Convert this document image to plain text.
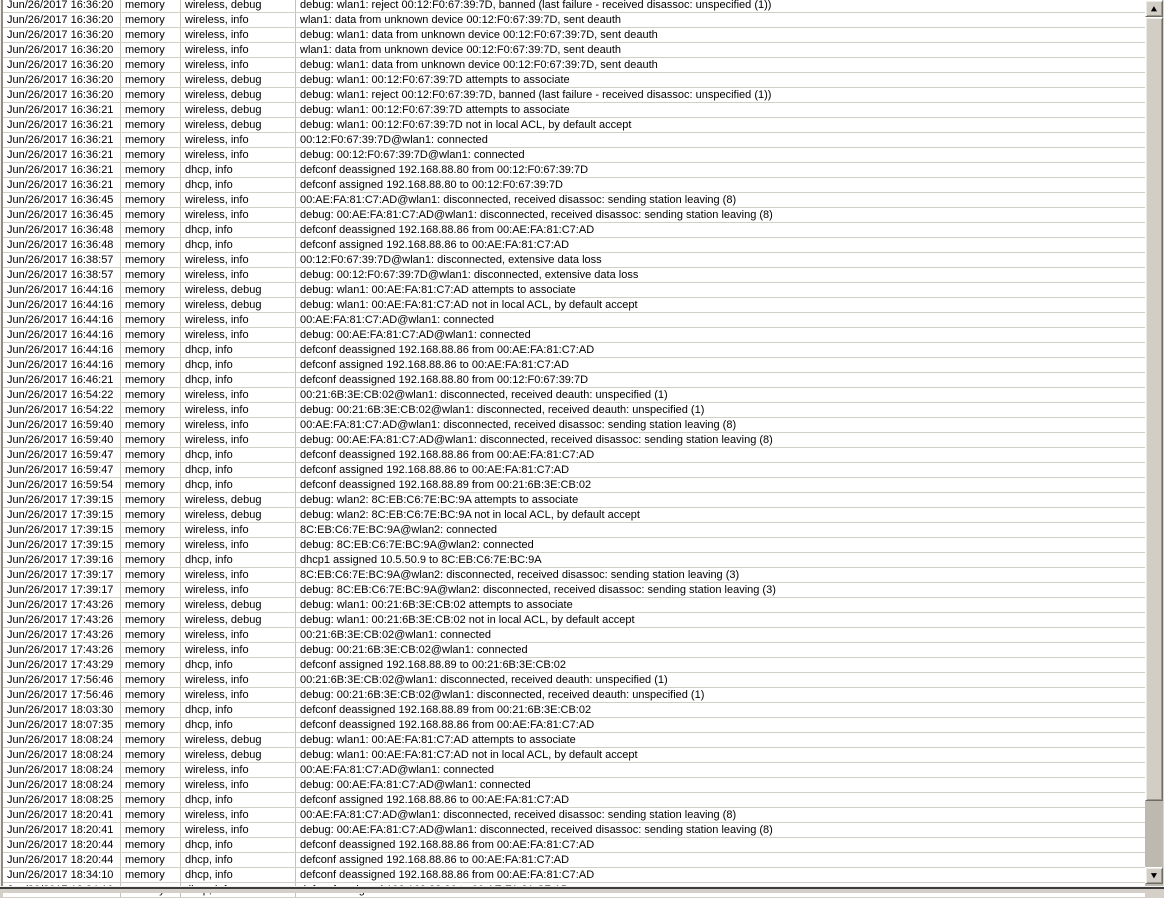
Jun/26/2017 16:36:20	memory	wireless, debug	debug: wlan1: reject 00:12:F0:67:39:7D, banned (last failure - received disassoc: unspecified (1))
Jun/26/2017 16:36:20	memory	wireless, info	wlan1: data from unknown device 00:12:F0:67:39:7D, sent deauth
Jun/26/2017 16:36:20	memory	wireless, info	debug: wlan1: data from unknown device 00:12:F0:67:39:7D, sent deauth
Jun/26/2017 16:36:20	memory	wireless, info	wlan1: data from unknown device 00:12:F0:67:39:7D, sent deauth
Jun/26/2017 16:36:20	memory	wireless, info	debug: wlan1: data from unknown device 00:12:F0:67:39:7D, sent deauth
Jun/26/2017 16:36:20	memory	wireless, debug	debug: wlan1: 00:12:F0:67:39:7D attempts to associate
Jun/26/2017 16:36:20	memory	wireless, debug	debug: wlan1: reject 00:12:F0:67:39:7D, banned (last failure - received disassoc: unspecified (1))
Jun/26/2017 16:36:21	memory	wireless, debug	debug: wlan1: 00:12:F0:67:39:7D attempts to associate
Jun/26/2017 16:36:21	memory	wireless, debug	debug: wlan1: 00:12:F0:67:39:7D not in local ACL, by default accept
Jun/26/2017 16:36:21	memory	wireless, info	00:12:F0:67:39:7D@wlan1: connected
Jun/26/2017 16:36:21	memory	wireless, info	debug: 00:12:F0:67:39:7D@wlan1: connected
Jun/26/2017 16:36:21	memory	dhcp, info	defconf deassigned 192.168.88.80 from 00:12:F0:67:39:7D
Jun/26/2017 16:36:21	memory	dhcp, info	defconf assigned 192.168.88.80 to 00:12:F0:67:39:7D
Jun/26/2017 16:36:45	memory	wireless, info	00:AE:FA:81:C7:AD@wlan1: disconnected, received disassoc: sending station leaving (8)
Jun/26/2017 16:36:45	memory	wireless, info	debug: 00:AE:FA:81:C7:AD@wlan1: disconnected, received disassoc: sending station leaving (8)
Jun/26/2017 16:36:48	memory	dhcp, info	defconf deassigned 192.168.88.86 from 00:AE:FA:81:C7:AD
Jun/26/2017 16:36:48	memory	dhcp, info	defconf assigned 192.168.88.86 to 00:AE:FA:81:C7:AD
Jun/26/2017 16:38:57	memory	wireless, info	00:12:F0:67:39:7D@wlan1: disconnected, extensive data loss
Jun/26/2017 16:38:57	memory	wireless, info	debug: 00:12:F0:67:39:7D@wlan1: disconnected, extensive data loss
Jun/26/2017 16:44:16	memory	wireless, debug	debug: wlan1: 00:AE:FA:81:C7:AD attempts to associate
Jun/26/2017 16:44:16	memory	wireless, debug	debug: wlan1: 00:AE:FA:81:C7:AD not in local ACL, by default accept
Jun/26/2017 16:44:16	memory	wireless, info	00:AE:FA:81:C7:AD@wlan1: connected
Jun/26/2017 16:44:16	memory	wireless, info	debug: 00:AE:FA:81:C7:AD@wlan1: connected
Jun/26/2017 16:44:16	memory	dhcp, info	defconf deassigned 192.168.88.86 from 00:AE:FA:81:C7:AD
Jun/26/2017 16:44:16	memory	dhcp, info	defconf assigned 192.168.88.86 to 00:AE:FA:81:C7:AD
Jun/26/2017 16:46:21	memory	dhcp, info	defconf deassigned 192.168.88.80 from 00:12:F0:67:39:7D
Jun/26/2017 16:54:22	memory	wireless, info	00:21:6B:3E:CB:02@wlan1: disconnected, received deauth: unspecified (1)
Jun/26/2017 16:54:22	memory	wireless, info	debug: 00:21:6B:3E:CB:02@wlan1: disconnected, received deauth: unspecified (1)
Jun/26/2017 16:59:40	memory	wireless, info	00:AE:FA:81:C7:AD@wlan1: disconnected, received disassoc: sending station leaving (8)
Jun/26/2017 16:59:40	memory	wireless, info	debug: 00:AE:FA:81:C7:AD@wlan1: disconnected, received disassoc: sending station leaving (8)
Jun/26/2017 16:59:47	memory	dhcp, info	defconf deassigned 192.168.88.86 from 00:AE:FA:81:C7:AD
Jun/26/2017 16:59:47	memory	dhcp, info	defconf assigned 192.168.88.86 to 00:AE:FA:81:C7:AD
Jun/26/2017 16:59:54	memory	dhcp, info	defconf deassigned 192.168.88.89 from 00:21:6B:3E:CB:02
Jun/26/2017 17:39:15	memory	wireless, debug	debug: wlan2: 8C:EB:C6:7E:BC:9A attempts to associate
Jun/26/2017 17:39:15	memory	wireless, debug	debug: wlan2: 8C:EB:C6:7E:BC:9A not in local ACL, by default accept
Jun/26/2017 17:39:15	memory	wireless, info	8C:EB:C6:7E:BC:9A@wlan2: connected
Jun/26/2017 17:39:15	memory	wireless, info	debug: 8C:EB:C6:7E:BC:9A@wlan2: connected
Jun/26/2017 17:39:16	memory	dhcp, info	dhcp1 assigned 10.5.50.9 to 8C:EB:C6:7E:BC:9A
Jun/26/2017 17:39:17	memory	wireless, info	8C:EB:C6:7E:BC:9A@wlan2: disconnected, received disassoc: sending station leaving (3)
Jun/26/2017 17:39:17	memory	wireless, info	debug: 8C:EB:C6:7E:BC:9A@wlan2: disconnected, received disassoc: sending station leaving (3)
Jun/26/2017 17:43:26	memory	wireless, debug	debug: wlan1: 00:21:6B:3E:CB:02 attempts to associate
Jun/26/2017 17:43:26	memory	wireless, debug	debug: wlan1: 00:21:6B:3E:CB:02 not in local ACL, by default accept
Jun/26/2017 17:43:26	memory	wireless, info	00:21:6B:3E:CB:02@wlan1: connected
Jun/26/2017 17:43:26	memory	wireless, info	debug: 00:21:6B:3E:CB:02@wlan1: connected
Jun/26/2017 17:43:29	memory	dhcp, info	defconf assigned 192.168.88.89 to 00:21:6B:3E:CB:02
Jun/26/2017 17:56:46	memory	wireless, info	00:21:6B:3E:CB:02@wlan1: disconnected, received deauth: unspecified (1)
Jun/26/2017 17:56:46	memory	wireless, info	debug: 00:21:6B:3E:CB:02@wlan1: disconnected, received deauth: unspecified (1)
Jun/26/2017 18:03:30	memory	dhcp, info	defconf deassigned 192.168.88.89 from 00:21:6B:3E:CB:02
Jun/26/2017 18:07:35	memory	dhcp, info	defconf deassigned 192.168.88.86 from 00:AE:FA:81:C7:AD
Jun/26/2017 18:08:24	memory	wireless, debug	debug: wlan1: 00:AE:FA:81:C7:AD attempts to associate
Jun/26/2017 18:08:24	memory	wireless, debug	debug: wlan1: 00:AE:FA:81:C7:AD not in local ACL, by default accept
Jun/26/2017 18:08:24	memory	wireless, info	00:AE:FA:81:C7:AD@wlan1: connected
Jun/26/2017 18:08:24	memory	wireless, info	debug: 00:AE:FA:81:C7:AD@wlan1: connected
Jun/26/2017 18:08:25	memory	dhcp, info	defconf assigned 192.168.88.86 to 00:AE:FA:81:C7:AD
Jun/26/2017 18:20:41	memory	wireless, info	00:AE:FA:81:C7:AD@wlan1: disconnected, received disassoc: sending station leaving (8)
Jun/26/2017 18:20:41	memory	wireless, info	debug: 00:AE:FA:81:C7:AD@wlan1: disconnected, received disassoc: sending station leaving (8)
Jun/26/2017 18:20:44	memory	dhcp, info	defconf deassigned 192.168.88.86 from 00:AE:FA:81:C7:AD
Jun/26/2017 18:20:44	memory	dhcp, info	defconf assigned 192.168.88.86 to 00:AE:FA:81:C7:AD
Jun/26/2017 18:34:10	memory	dhcp, info	defconf deassigned 192.168.88.86 from 00:AE:FA:81:C7:AD
▲
▼
